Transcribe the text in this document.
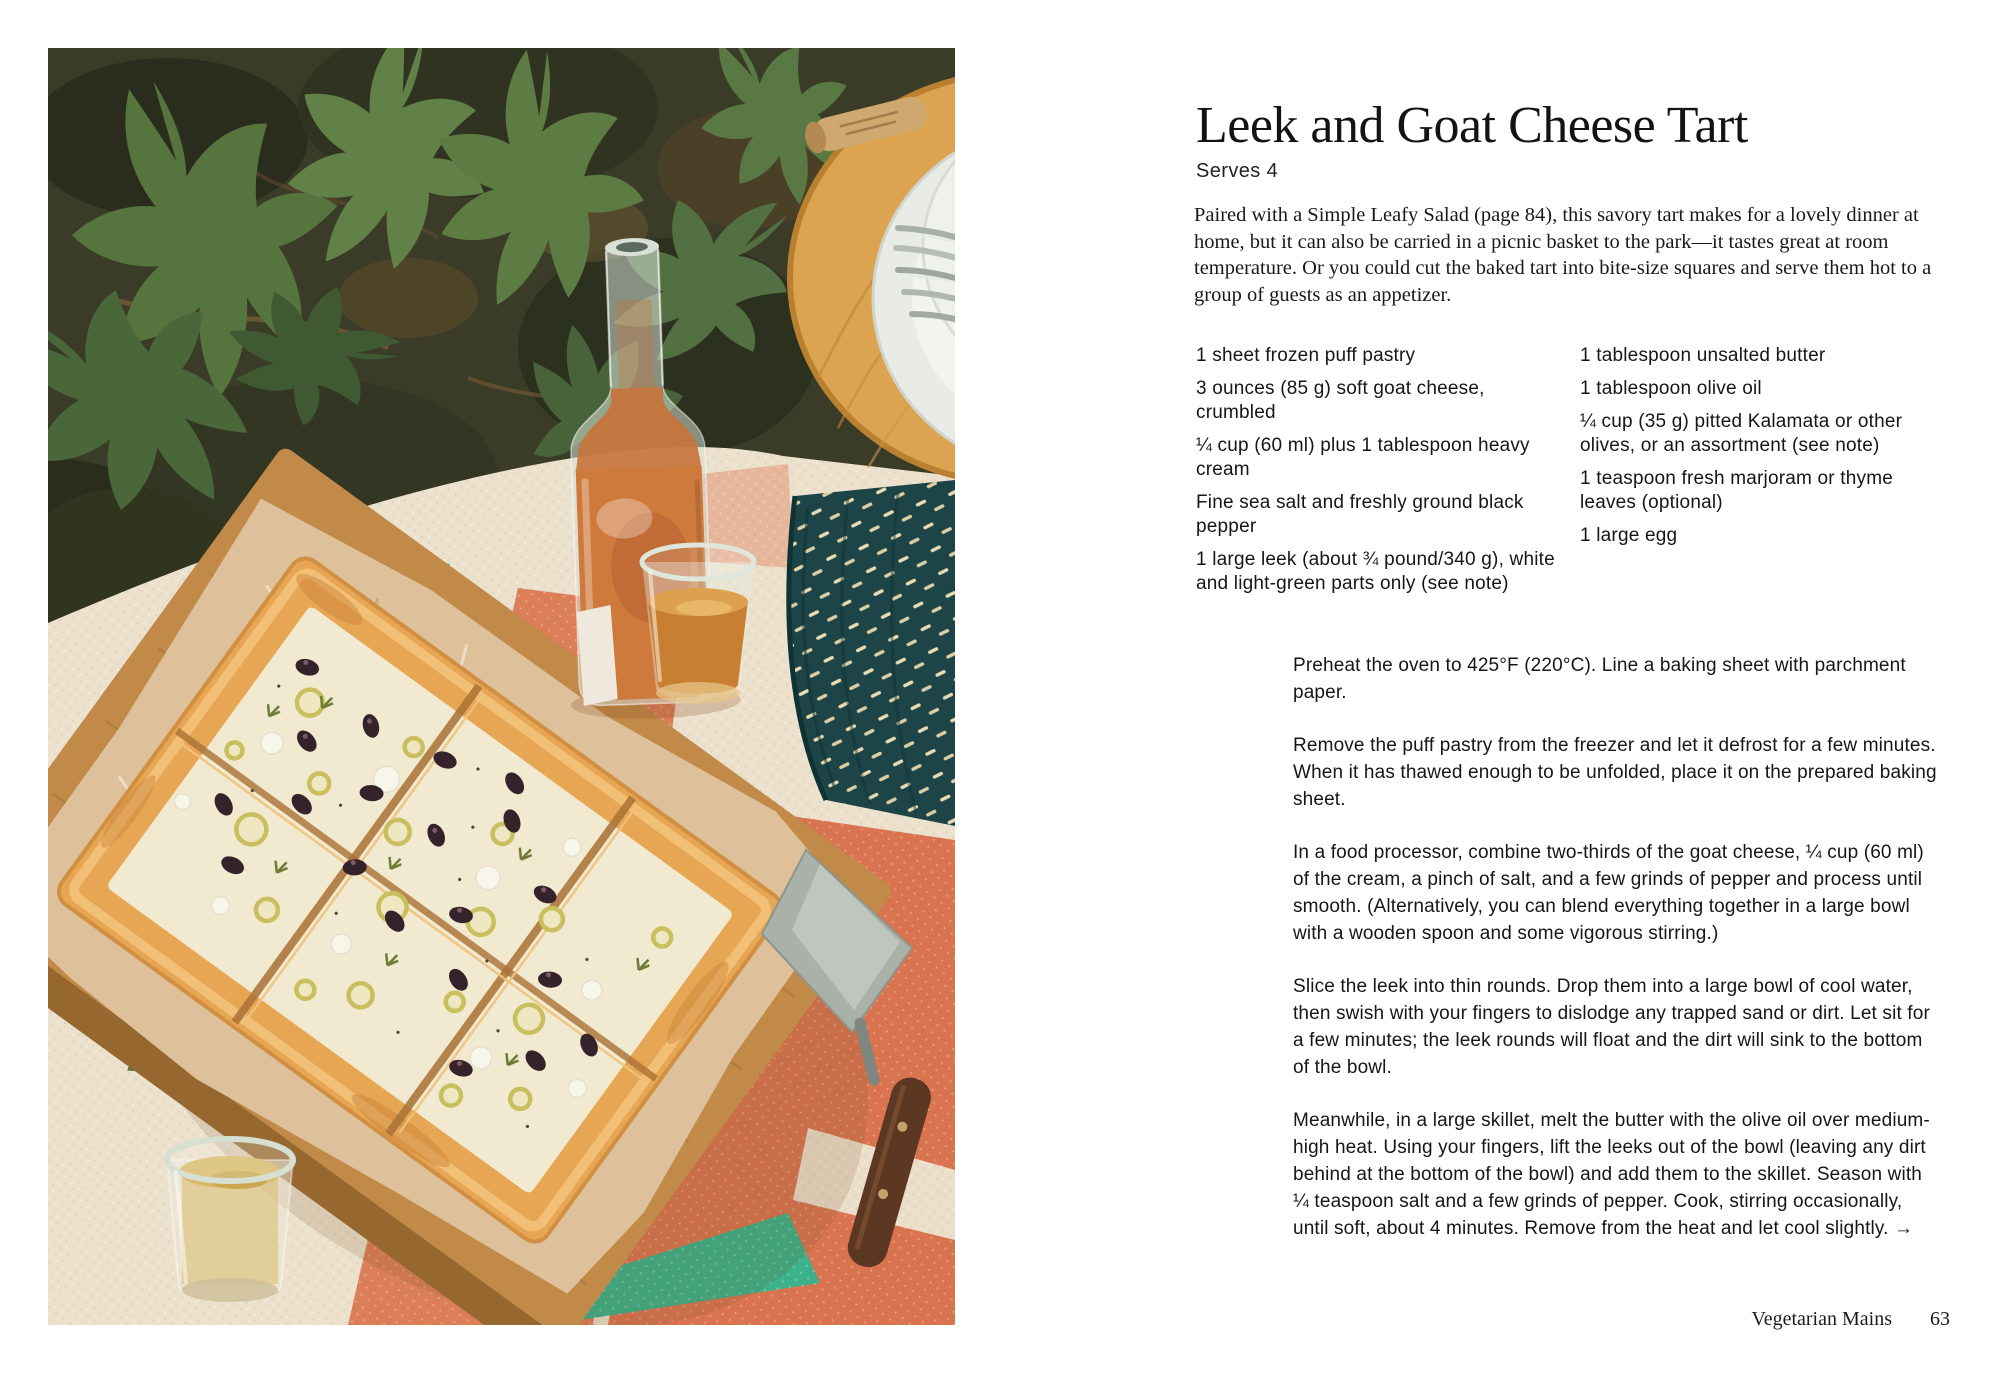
Leek and Goat Cheese Tart

Serves 4

Paired with a Simple Leafy Salad (page 84), this savory tart makes for a lovely dinner at home, but it can also be carried in a picnic basket to the park—it tastes great at room temperature. Or you could cut the baked tart into bite-size squares and serve them hot to a group of guests as an appetizer.

1 sheet frozen puff pastry

3 ounces (85 g) soft goat cheese, crumbled

¼ cup (60 ml) plus 1 tablespoon heavy cream

Fine sea salt and freshly ground black pepper

1 large leek (about ¾ pound/340 g), white and light-green parts only (see note)

1 tablespoon unsalted butter

1 tablespoon olive oil

¼ cup (35 g) pitted Kalamata or other olives, or an assortment (see note)

1 teaspoon fresh marjoram or thyme leaves (optional)

1 large egg

Preheat the oven to 425°F (220°C). Line a baking sheet with parchment paper.

Remove the puff pastry from the freezer and let it defrost for a few minutes. When it has thawed enough to be unfolded, place it on the prepared baking sheet.

In a food processor, combine two-thirds of the goat cheese, ¼ cup (60 ml) of the cream, a pinch of salt, and a few grinds of pepper and process until smooth. (Alternatively, you can blend everything together in a large bowl with a wooden spoon and some vigorous stirring.)

Slice the leek into thin rounds. Drop them into a large bowl of cool water, then swish with your fingers to dislodge any trapped sand or dirt. Let sit for a few minutes; the leek rounds will float and the dirt will sink to the bottom of the bowl.

Meanwhile, in a large skillet, melt the butter with the olive oil over medium-high heat. Using your fingers, lift the leeks out of the bowl (leaving any dirt behind at the bottom of the bowl) and add them to the skillet. Season with ¼ teaspoon salt and a few grinds of pepper. Cook, stirring occasionally, until soft, about 4 minutes. Remove from the heat and let cool slightly. →

Vegetarian Mains 63
